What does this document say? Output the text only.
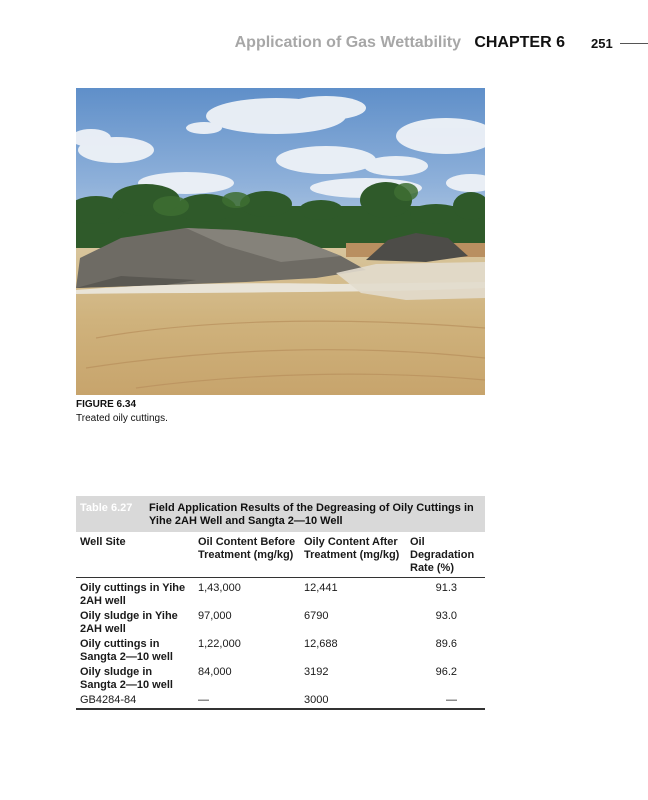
Application of Gas Wettability CHAPTER 6 251
FIGURE 6.34
Treated oily cuttings.
Table 6.27 Field Application Results of the Degreasing of Oily Cuttings in Yihe 2AH Well and Sangta 2—10 Well
Well Site	Oil Content Before Treatment (mg/kg)	Oily Content After Treatment (mg/kg)	Oil Degradation Rate (%)
Oily cuttings in Yihe 2AH well	1,43,000	12,441	91.3
Oily sludge in Yihe 2AH well	97,000	6790	93.0
Oily cuttings in Sangta 2—10 well	1,22,000	12,688	89.6
Oily sludge in Sangta 2—10 well	84,000	3192	96.2
GB4284-84	—	3000	—
